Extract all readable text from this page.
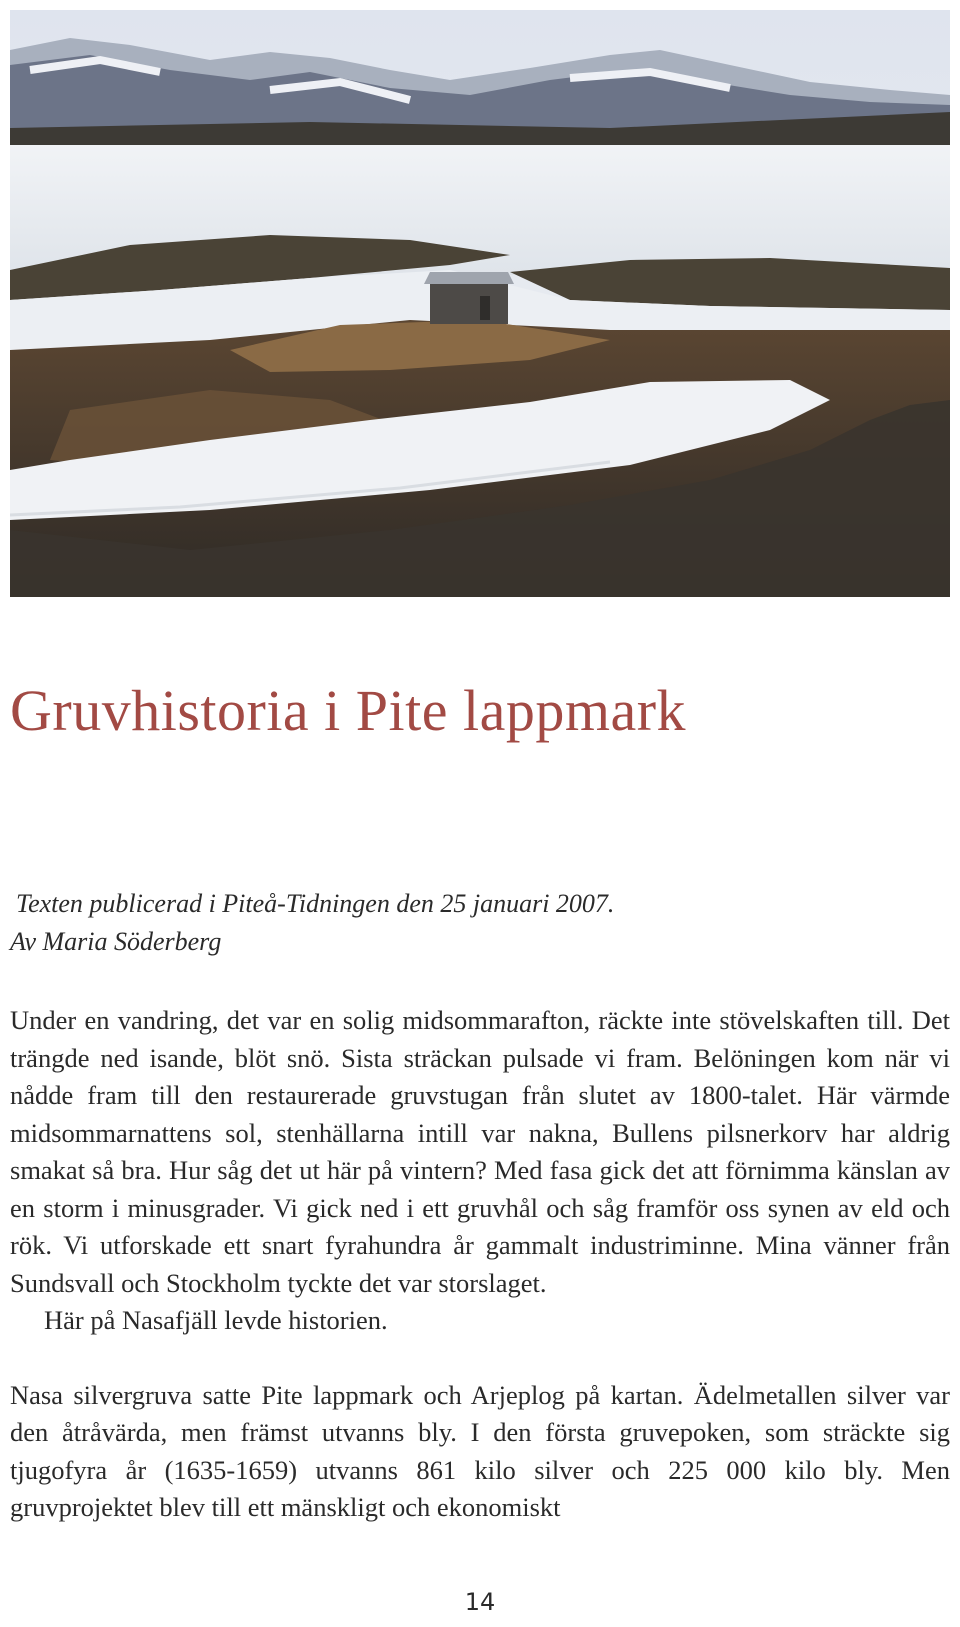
Gruvhistoria i Pite lappmark
Texten publicerad i Piteå-Tidningen den 25 januari 2007.
Av Maria Söderberg

Under en vandring, det var en solig midsommarafton, räckte inte stövelskaften till. Det trängde ned isande, blöt snö. Sista sträckan pulsade vi fram. Belöningen kom när vi nådde fram till den restaurerade gruvstugan från slutet av 1800-talet. Här värmde midsommarnattens sol, stenhällarna intill var nakna, Bullens pilsnerkorv har aldrig smakat så bra. Hur såg det ut här på vintern? Med fasa gick det att förnimma känslan av en storm i minusgrader. Vi gick ned i ett gruvhål och såg framför oss synen av eld och rök. Vi utforskade ett snart fyrahundra år gammalt industriminne. Mina vänner från Sundsvall och Stockholm tyckte det var storslaget.

Här på Nasafjäll levde historien.

Nasa silvergruva satte Pite lappmark och Arjeplog på kartan. Ädelmetallen silver var den åtråvärda, men främst utvanns bly. I den första gruvepoken, som sträckte sig tjugofyra år (1635-1659) utvanns 861 kilo silver och 225 000 kilo bly. Men gruvprojektet blev till ett mänskligt och ekonomiskt

14
